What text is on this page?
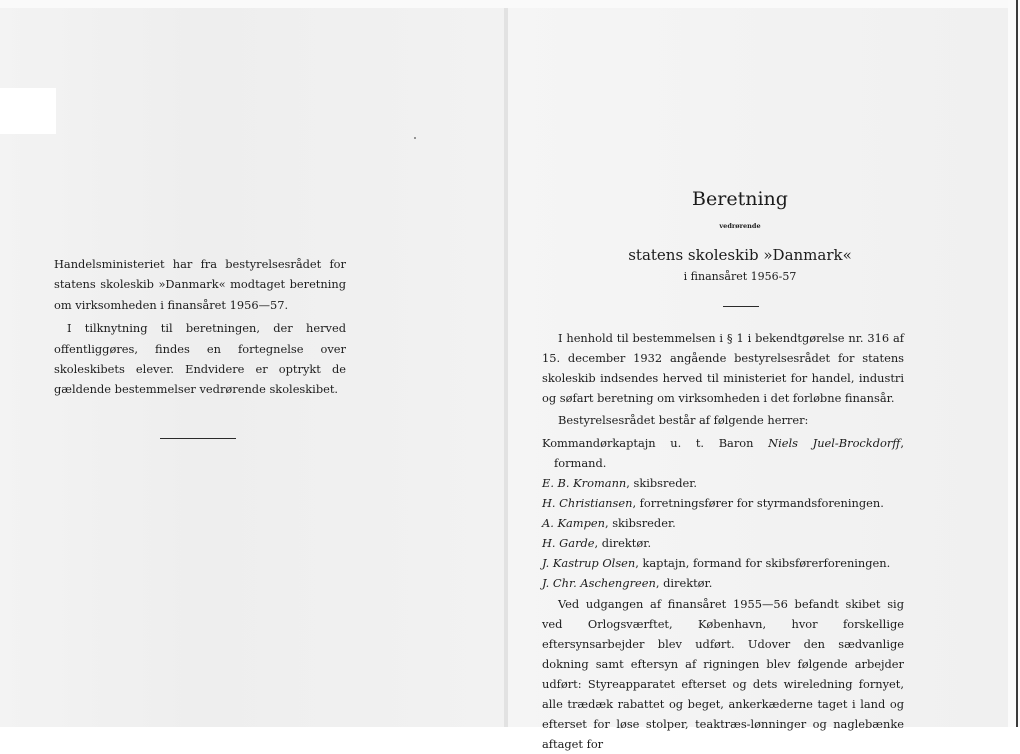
Handelsministeriet har fra bestyrelsesrådet for statens skoleskib »Danmark« modtaget beretning om virksomheden i finansåret 1956—57.

I tilknytning til beretningen, der herved offentliggøres, findes en fortegnelse over skoleskibets elever. Endvidere er optrykt de gældende bestemmelser vedrørende skoleskibet.

Beretning
vedrørende
statens skoleskib »Danmark«
i finansåret 1956-57

I henhold til bestemmelsen i § 1 i bekendtgørelse nr. 316 af 15. december 1932 angående bestyrelsesrådet for statens skoleskib indsendes herved til ministeriet for handel, industri og søfart beretning om virksomheden i det forløbne finansår.

Bestyrelsesrådet består af følgende herrer:

Kommandørkaptajn u. t. Baron Niels Juel-Brockdorff, formand.

E. B. Kromann, skibsreder.

H. Christiansen, forretningsfører for styrmandsforeningen.

A. Kampen, skibsreder.

H. Garde, direktør.

J. Kastrup Olsen, kaptajn, formand for skibsførerforeningen.

J. Chr. Aschengreen, direktør.

Ved udgangen af finansåret 1955—56 befandt skibet sig ved Orlogsværftet, København, hvor forskellige eftersynsarbejder blev udført. Udover den sædvanlige dokning samt eftersyn af rigningen blev følgende arbejder udført: Styreapparatet efterset og dets wireledning fornyet, alle trædæk rabattet og beget, ankerkæderne taget i land og efterset for løse stolper, teaktræs-lønninger og naglebænke aftaget for
